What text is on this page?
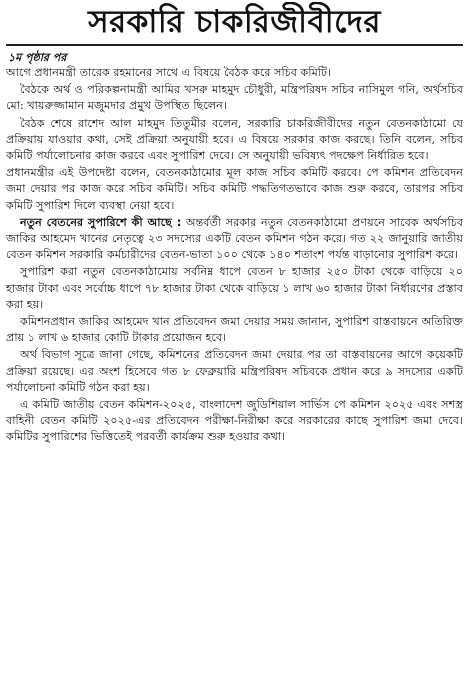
সরকারি চাকরিজীবীদের
১ম পৃষ্ঠার পর

আগে প্রধানমন্ত্রী তারেক রহমানের সাথে এ বিষয়ে বৈঠক করে সচিব কমিটি।

বৈঠকে অর্থ ও পরিকল্পনামন্ত্রী আমির খসরু মাহমুদ চৌধুরী, মন্ত্রিপরিষদ সচিব নাসিমুল গনি, অর্থসচিব মো: খায়রুজ্জামান মজুমদার প্রমুখ উপস্থিত ছিলেন।

বৈঠক শেষে রাশেদ আল মাহমুদ তিতুমীর বলেন, সরকারি চাকরিজীবীদের নতুন বেতনকাঠামো যে প্রক্রিয়ায় যাওয়ার কথা, সেই প্রক্রিয়া অনুযায়ী হবে। এ বিষয়ে সরকার কাজ করছে। তিনি বলেন, সচিব কমিটি পর্যালোচনার কাজ করবে এবং সুপারিশ দেবে। সে অনুযায়ী ভবিষ্যৎ পদক্ষেপ নির্ধারিত হবে।

প্রধানমন্ত্রীর এই উপদেষ্টা বলেন, বেতনকাঠামোর মূল কাজ সচিব কমিটি করবে। পে কমিশন প্রতিবেদন জমা দেয়ার পর কাজ করে সচিব কমিটি। সচিব কমিটি পদ্ধতিগতভাবে কাজ শুরু করবে, তারপর সচিব কমিটি সুপারিশ দিলে ব্যবস্থা নেয়া হবে।

নতুন বেতনের সুপারিশে কী আছে : অন্তর্বর্তী সরকার নতুন বেতনকাঠামো প্রণয়নে সাবেক অর্থসচিব জাকির আহমেদ খানের নেতৃত্বে ২৩ সদস্যের একটি বেতন কমিশন গঠন করে। গত ২২ জানুয়ারি জাতীয় বেতন কমিশন সরকারি কর্মচারীদের বেতন-ভাতা ১০০ থেকে ১৪০ শতাংশ পর্যন্ত বাড়ানোর সুপারিশ করে।

সুপারিশ করা নতুন বেতনকাঠামোয় সর্বনিম্ন ধাপে বেতন ৮ হাজার ২৫০ টাকা থেকে বাড়িয়ে ২০ হাজার টাকা এবং সর্বোচ্চ ধাপে ৭৮ হাজার টাকা থেকে বাড়িয়ে ১ লাখ ৬০ হাজার টাকা নির্ধারণের প্রস্তাব করা হয়।

কমিশনপ্রধান জাকির আহমেদ খান প্রতিবেদন জমা দেয়ার সময় জানান, সুপারিশ বাস্তবায়নে অতিরিক্ত প্রায় ১ লাখ ৬ হাজার কোটি টাকার প্রয়োজন হবে।

অর্থ বিভাগ সূত্রে জানা গেছে, কমিশনের প্রতিবেদন জমা দেয়ার পর তা বাস্তবায়নের আগে কয়েকটি প্রক্রিয়া রয়েছে। এর অংশ হিসেবে গত ৮ ফেব্রুয়ারি মন্ত্রিপরিষদ সচিবকে প্রধান করে ৯ সদস্যের একটি পর্যালোচনা কমিটি গঠন করা হয়।

এ কমিটি জাতীয় বেতন কমিশন-২০২৫, বাংলাদেশ জুডিশিয়াল সার্ভিস পে কমিশন ২০২৫ এবং সশস্ত্র বাহিনী বেতন কমিটি ২০২৫-এর প্রতিবেদন পরীক্ষা-নিরীক্ষা করে সরকারের কাছে সুপারিশ জমা দেবে। কমিটির সুপারিশের ভিত্তিতেই পরবর্তী কার্যক্রম শুরু হওয়ার কথা।
